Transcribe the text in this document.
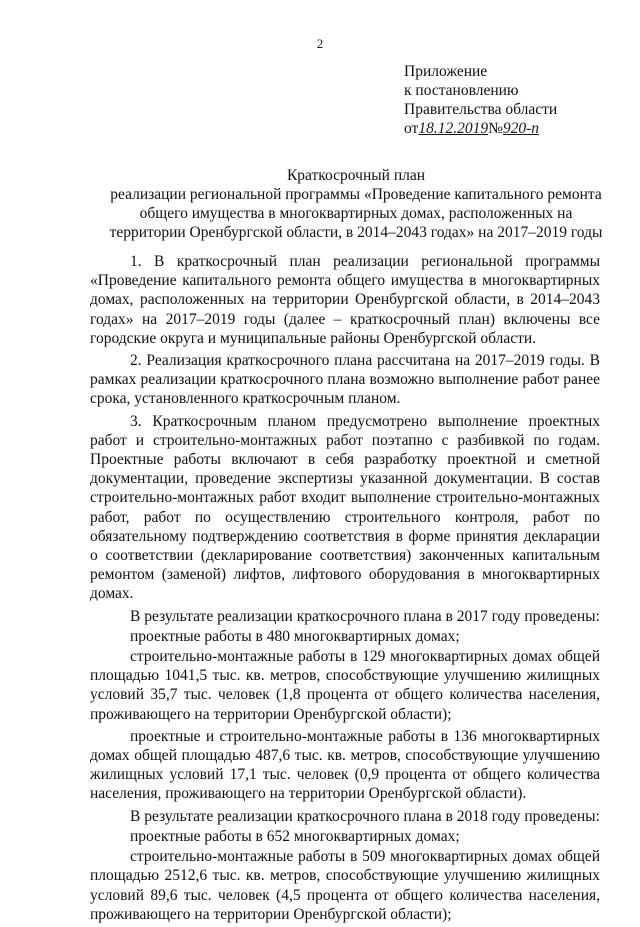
2
Приложение
к постановлению
Правительства области
от18.12.2019№920-п
Краткосрочный план
реализации региональной программы «Проведение капитального ремонта
общего имущества в многоквартирных домах, расположенных на
территории Оренбургской области, в 2014–2043 годах» на 2017–2019 годы

1. В краткосрочный план реализации региональной программы «Проведение капитального ремонта общего имущества в многоквартирных домах, расположенных на территории Оренбургской области, в 2014–2043 годах» на 2017–2019 годы (далее – краткосрочный план) включены все городские округа и муниципальные районы Оренбургской области.

2. Реализация краткосрочного плана рассчитана на 2017–2019 годы. В рамках реализации краткосрочного плана возможно выполнение работ ранее срока, установленного краткосрочным планом.

3. Краткосрочным планом предусмотрено выполнение проектных работ и строительно-монтажных работ поэтапно с разбивкой по годам. Проектные работы включают в себя разработку проектной и сметной документации, проведение экспертизы указанной документации. В состав строительно-монтажных работ входит выполнение строительно-монтажных работ, работ по осуществлению строительного контроля, работ по обязательному подтверждению соответствия в форме принятия декларации о соответствии (декларирование соответствия) законченных капитальным ремонтом (заменой) лифтов, лифтового оборудования в многоквартирных домах.

В результате реализации краткосрочного плана в 2017 году проведены:

проектные работы в 480 многоквартирных домах;

строительно-монтажные работы в 129 многоквартирных домах общей площадью 1041,5 тыс. кв. метров, способствующие улучшению жилищных условий 35,7 тыс. человек (1,8 процента от общего количества населения, проживающего на территории Оренбургской области);

проектные и строительно-монтажные работы в 136 многоквартирных домах общей площадью 487,6 тыс. кв. метров, способствующие улучшению жилищных условий 17,1 тыс. человек (0,9 процента от общего количества населения, проживающего на территории Оренбургской области).

В результате реализации краткосрочного плана в 2018 году проведены:

проектные работы в 652 многоквартирных домах;

строительно-монтажные работы в 509 многоквартирных домах общей площадью 2512,6 тыс. кв. метров, способствующие улучшению жилищных условий 89,6 тыс. человек (4,5 процента от общего количества населения, проживающего на территории Оренбургской области);
